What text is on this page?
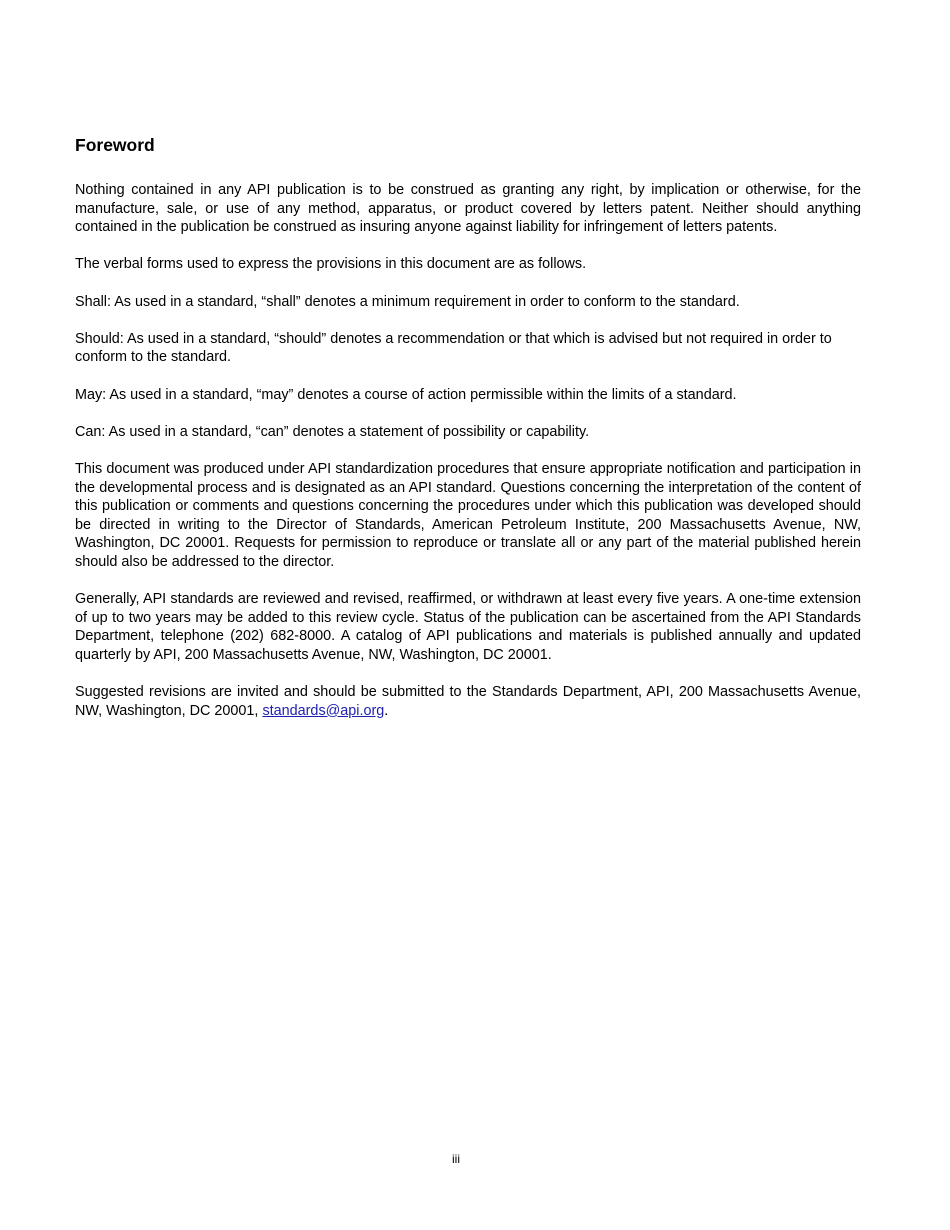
Foreword

Nothing contained in any API publication is to be construed as granting any right, by implication or otherwise, for the manufacture, sale, or use of any method, apparatus, or product covered by letters patent. Neither should anything contained in the publication be construed as insuring anyone against liability for infringement of letters patents.

The verbal forms used to express the provisions in this document are as follows.

Shall: As used in a standard, “shall” denotes a minimum requirement in order to conform to the standard.

Should: As used in a standard, “should” denotes a recommendation or that which is advised but not required in order to conform to the standard.

May: As used in a standard, “may” denotes a course of action permissible within the limits of a standard.

Can: As used in a standard, “can” denotes a statement of possibility or capability.

This document was produced under API standardization procedures that ensure appropriate notification and participation in the developmental process and is designated as an API standard. Questions concerning the interpretation of the content of this publication or comments and questions concerning the procedures under which this publication was developed should be directed in writing to the Director of Standards, American Petroleum Institute, 200 Massachusetts Avenue, NW, Washington, DC 20001. Requests for permission to reproduce or translate all or any part of the material published herein should also be addressed to the director.

Generally, API standards are reviewed and revised, reaffirmed, or withdrawn at least every five years. A one-time extension of up to two years may be added to this review cycle. Status of the publication can be ascertained from the API Standards Department, telephone (202) 682-8000. A catalog of API publications and materials is published annually and updated quarterly by API, 200 Massachusetts Avenue, NW, Washington, DC 20001.

Suggested revisions are invited and should be submitted to the Standards Department, API, 200 Massachusetts Avenue, NW, Washington, DC 20001, standards@api.org.

iii
